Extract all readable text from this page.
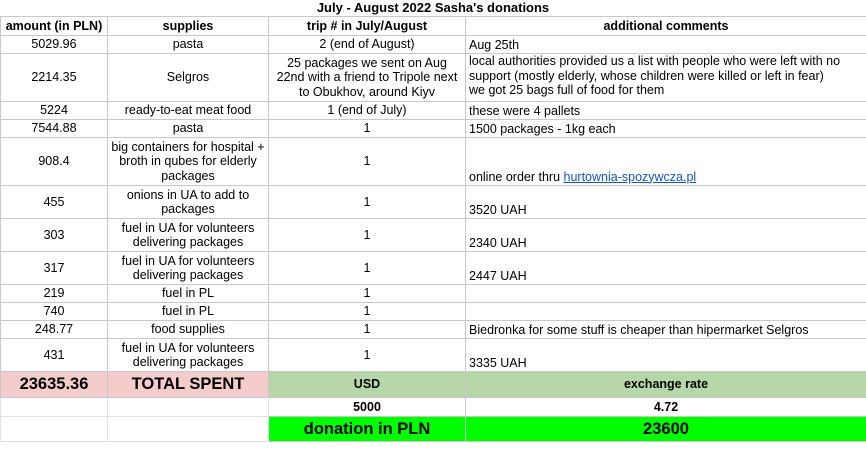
July - August 2022 Sasha's donations
amount (in PLN)	supplies	trip # in July/August	additional comments
5029.96	pasta	2 (end of August)	Aug 25th
2214.35	Selgros	25 packages we sent on Aug 22nd with a friend to Tripole next to Obukhov, around Kiyv	local authorities provided us a list with people who were left with no support (mostly elderly, whose children were killed or left in fear)
we got 25 bags full of food for them

5224	ready-to-eat meat food	1 (end of July)	these were 4 pallets
7544.88	pasta	1	1500 packages - 1kg each
908.4	big containers for hospital + broth in qubes for elderly packages	1	online order thru hurtownia-spozywcza.pl
455	onions in UA to add to packages	1	3520 UAH
303	fuel in UA for volunteers delivering packages	1	2340 UAH
317	fuel in UA for volunteers delivering packages	1	2447 UAH
219	fuel in PL	1	
740	fuel in PL	1	
248.77	food supplies	1	Biedronka for some stuff is cheaper than hipermarket Selgros
431	fuel in UA for volunteers delivering packages	1	3335 UAH
23635.36	TOTAL SPENT	USD	exchange rate
		5000	4.72
		donation in PLN	23600
